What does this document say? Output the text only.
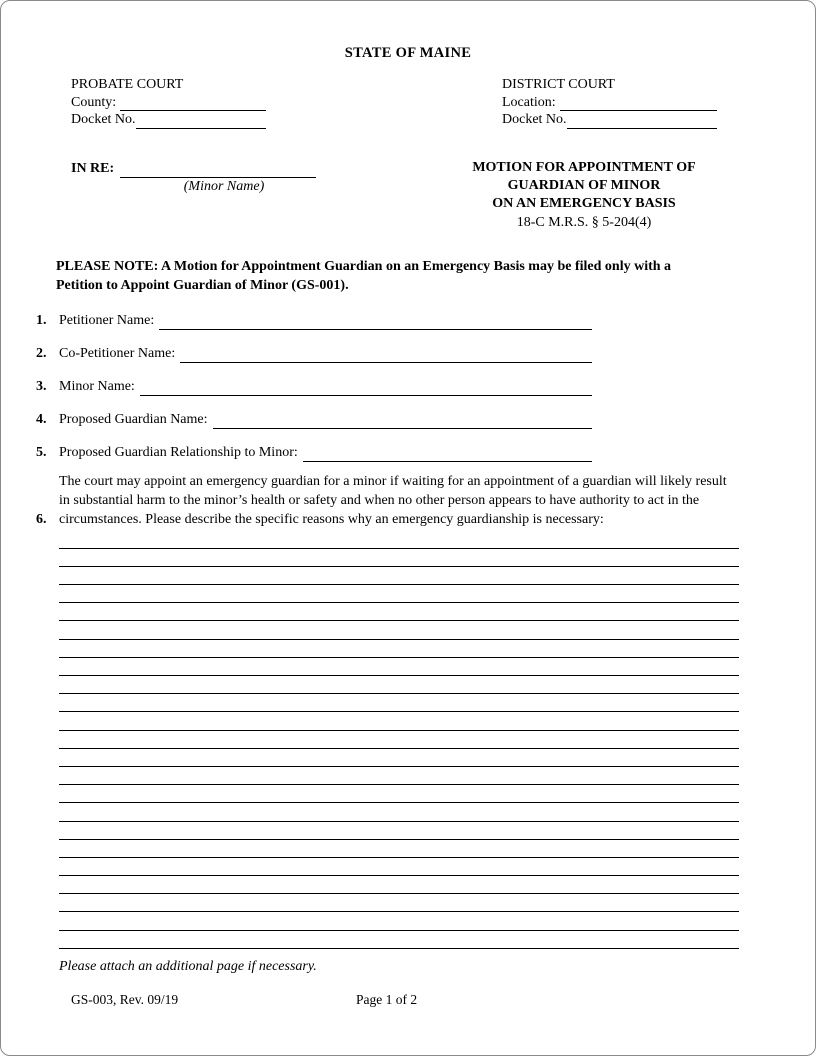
STATE OF MAINE
PROBATE COURT
County:
Docket No.
DISTRICT COURT
Location:
Docket No.
IN RE:
(Minor Name)
MOTION FOR APPOINTMENT OF
GUARDIAN OF MINOR
ON AN EMERGENCY BASIS
18-C M.R.S. § 5-204(4)
PLEASE NOTE: A Motion for Appointment Guardian on an Emergency Basis may be filed only with a Petition to Appoint Guardian of Minor (GS-001).
1. Petitioner Name:
2. Co-Petitioner Name:
3. Minor Name:
4. Proposed Guardian Name:
5. Proposed Guardian Relationship to Minor:
6.
The court may appoint an emergency guardian for a minor if waiting for an appointment of a guardian will likely result in substantial harm to the minor’s health or safety and when no other person appears to have authority to act in the circumstances. Please describe the specific reasons why an emergency guardianship is necessary:
Please attach an additional page if necessary.
GS-003, Rev. 09/19	Page 1 of 2
